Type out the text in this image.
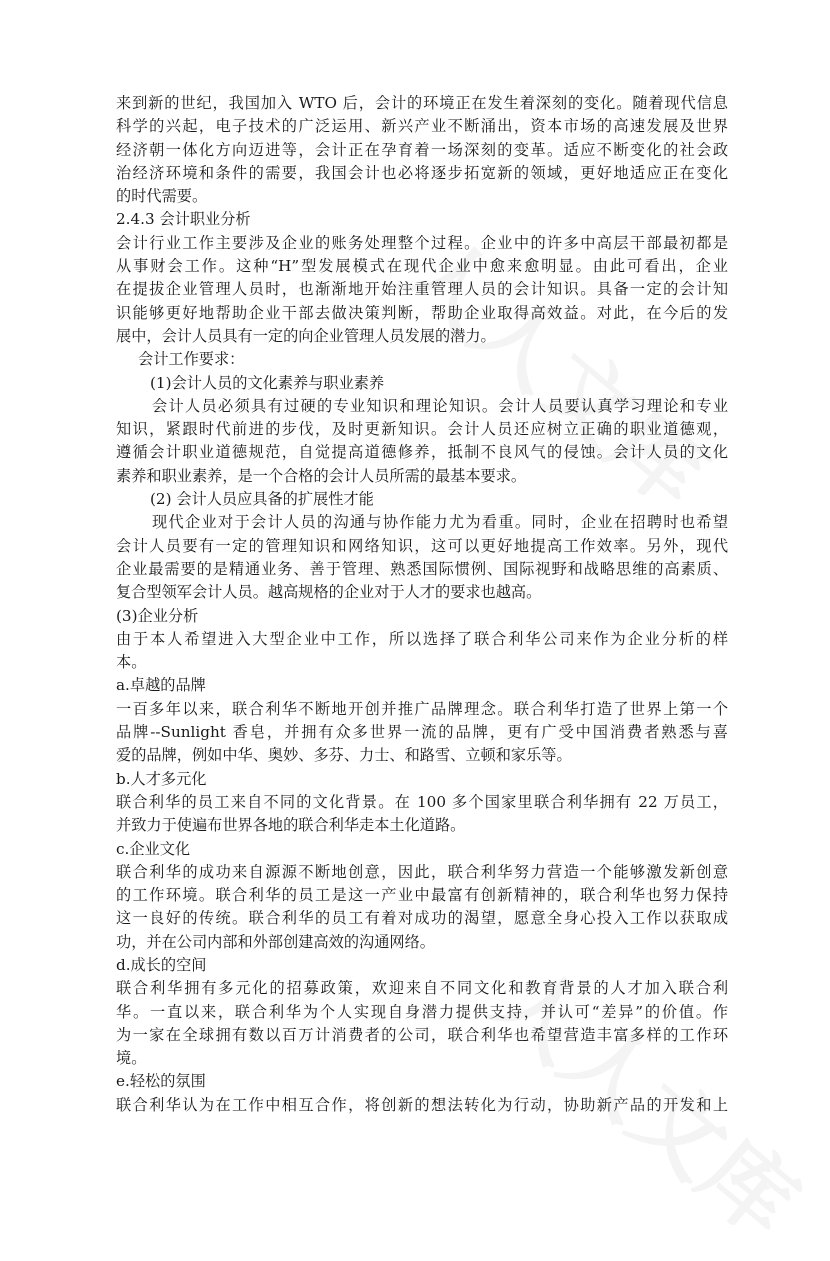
来到新的世纪，我国加入 WTO 后，会计的环境正在发生着深刻的变化。随着现代信息
科学的兴起，电子技术的广泛运用、新兴产业不断涌出，资本市场的高速发展及世界
经济朝一体化方向迈进等，会计正在孕育着一场深刻的变革。适应不断变化的社会政
治经济环境和条件的需要，我国会计也必将逐步拓宽新的领域，更好地适应正在变化
的时代需要。
2.4.3 会计职业分析
会计行业工作主要涉及企业的账务处理整个过程。企业中的许多中高层干部最初都是
从事财会工作。这种“H”型发展模式在现代企业中愈来愈明显。由此可看出，企业
在提拔企业管理人员时，也渐渐地开始注重管理人员的会计知识。具备一定的会计知
识能够更好地帮助企业干部去做决策判断，帮助企业取得高效益。对此，在今后的发
展中，会计人员具有一定的向企业管理人员发展的潜力。
会计工作要求：
(1)会计人员的文化素养与职业素养
会计人员必须具有过硬的专业知识和理论知识。会计人员要认真学习理论和专业
知识，紧跟时代前进的步伐，及时更新知识。会计人员还应树立正确的职业道德观，
遵循会计职业道德规范，自觉提高道德修养，抵制不良风气的侵蚀。会计人员的文化
素养和职业素养，是一个合格的会计人员所需的最基本要求。
(2) 会计人员应具备的扩展性才能
现代企业对于会计人员的沟通与协作能力尤为看重。同时，企业在招聘时也希望
会计人员要有一定的管理知识和网络知识，这可以更好地提高工作效率。另外，现代
企业最需要的是精通业务、善于管理、熟悉国际惯例、国际视野和战略思维的高素质、
复合型领军会计人员。越高规格的企业对于人才的要求也越高。
(3)企业分析
由于本人希望进入大型企业中工作，所以选择了联合利华公司来作为企业分析的样
本。
a.卓越的品牌
一百多年以来，联合利华不断地开创并推广品牌理念。联合利华打造了世界上第一个
品牌--Sunlight 香皂，并拥有众多世界一流的品牌，更有广受中国消费者熟悉与喜
爱的品牌，例如中华、奥妙、多芬、力士、和路雪、立顿和家乐等。
b.人才多元化
联合利华的员工来自不同的文化背景。在 100 多个国家里联合利华拥有 22 万员工，
并致力于使遍布世界各地的联合利华走本土化道路。
c.企业文化
联合利华的成功来自源源不断地创意，因此，联合利华努力营造一个能够激发新创意
的工作环境。联合利华的员工是这一产业中最富有创新精神的，联合利华也努力保持
这一良好的传统。联合利华的员工有着对成功的渴望，愿意全身心投入工作以获取成
功，并在公司内部和外部创建高效的沟通网络。
d.成长的空间
联合利华拥有多元化的招募政策，欢迎来自不同文化和教育背景的人才加入联合利
华。一直以来，联合利华为个人实现自身潜力提供支持，并认可“差异”的价值。作
为一家在全球拥有数以百万计消费者的公司，联合利华也希望营造丰富多样的工作环
境。
e.轻松的氛围
联合利华认为在工作中相互合作，将创新的想法转化为行动，协助新产品的开发和上
